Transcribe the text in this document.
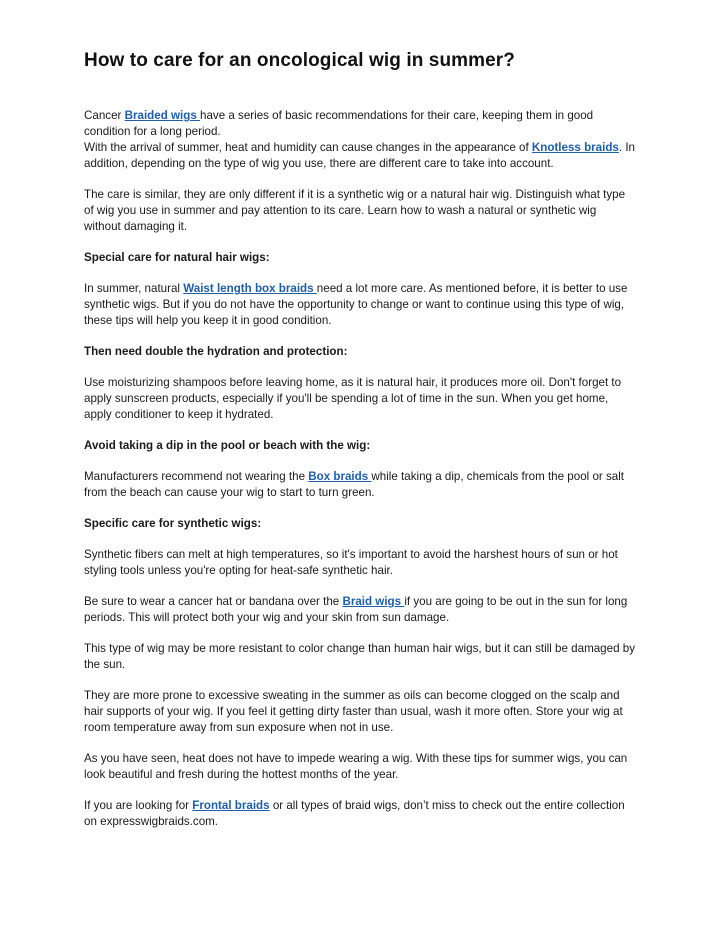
How to care for an oncological wig in summer?

Cancer Braided wigs have a series of basic recommendations for their care, keeping them in good condition for a long period.

With the arrival of summer, heat and humidity can cause changes in the appearance of Knotless braids. In addition, depending on the type of wig you use, there are different care to take into account.

The care is similar, they are only different if it is a synthetic wig or a natural hair wig. Distinguish what type of wig you use in summer and pay attention to its care. Learn how to wash a natural or synthetic wig without damaging it.

Special care for natural hair wigs:

In summer, natural Waist length box braids need a lot more care. As mentioned before, it is better to use synthetic wigs. But if you do not have the opportunity to change or want to continue using this type of wig, these tips will help you keep it in good condition.

Then need double the hydration and protection:

Use moisturizing shampoos before leaving home, as it is natural hair, it produces more oil. Don't forget to apply sunscreen products, especially if you'll be spending a lot of time in the sun. When you get home, apply conditioner to keep it hydrated.

Avoid taking a dip in the pool or beach with the wig:

Manufacturers recommend not wearing the Box braids while taking a dip, chemicals from the pool or salt from the beach can cause your wig to start to turn green.

Specific care for synthetic wigs:

Synthetic fibers can melt at high temperatures, so it's important to avoid the harshest hours of sun or hot styling tools unless you're opting for heat-safe synthetic hair.

Be sure to wear a cancer hat or bandana over the Braid wigs if you are going to be out in the sun for long periods. This will protect both your wig and your skin from sun damage.

This type of wig may be more resistant to color change than human hair wigs, but it can still be damaged by the sun.

They are more prone to excessive sweating in the summer as oils can become clogged on the scalp and hair supports of your wig. If you feel it getting dirty faster than usual, wash it more often. Store your wig at room temperature away from sun exposure when not in use.

As you have seen, heat does not have to impede wearing a wig. With these tips for summer wigs, you can look beautiful and fresh during the hottest months of the year.

If you are looking for Frontal braids or all types of braid wigs, don’t miss to check out the entire collection on expresswigbraids.com.
